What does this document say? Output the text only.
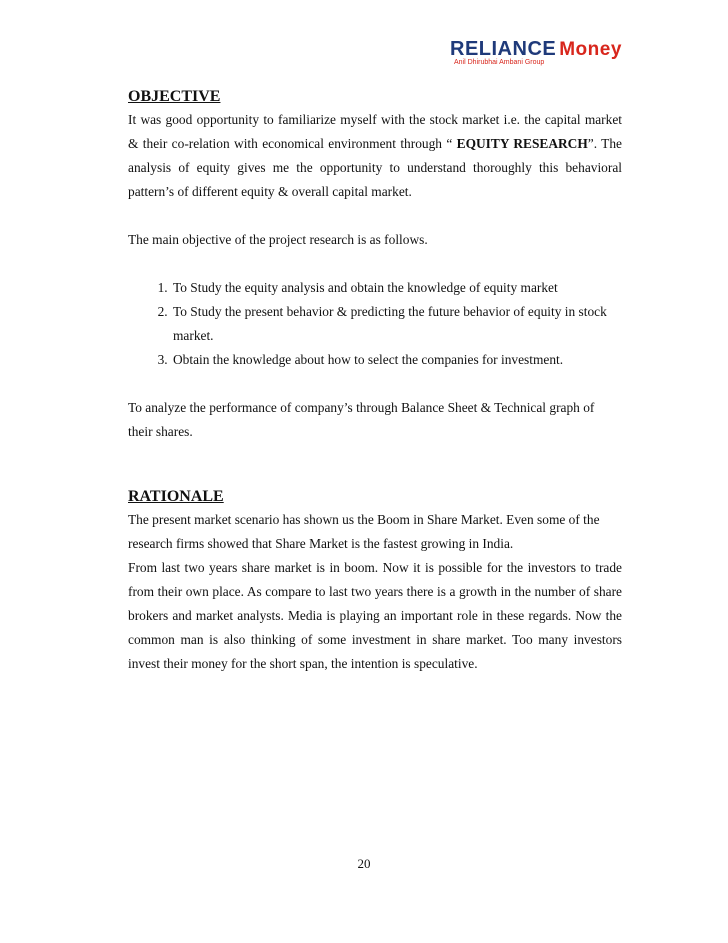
RELIANCE Money
Anil Dhirubhai Ambani Group
OBJECTIVE

It was good opportunity to familiarize myself with the stock market i.e. the capital market & their co-relation with economical environment through “ EQUITY RESEARCH”. The analysis of equity gives me the opportunity to understand thoroughly this behavioral pattern’s of different equity & overall capital market.

The main objective of the project research is as follows.

1. To Study the equity analysis and obtain the knowledge of equity market
2. To Study the present behavior & predicting the future behavior of equity in stock market.
3. Obtain the knowledge about how to select the companies for investment.

To analyze the performance of company’s through Balance Sheet & Technical graph of their shares.

RATIONALE

The present market scenario has shown us the Boom in Share Market. Even some of the research firms showed that Share Market is the fastest growing in India.

From last two years share market is in boom. Now it is possible for the investors to trade from their own place. As compare to last two years there is a growth in the number of share brokers and market analysts. Media is playing an important role in these regards. Now the common man is also thinking of some investment in share market. Too many investors invest their money for the short span, the intention is speculative.

20
